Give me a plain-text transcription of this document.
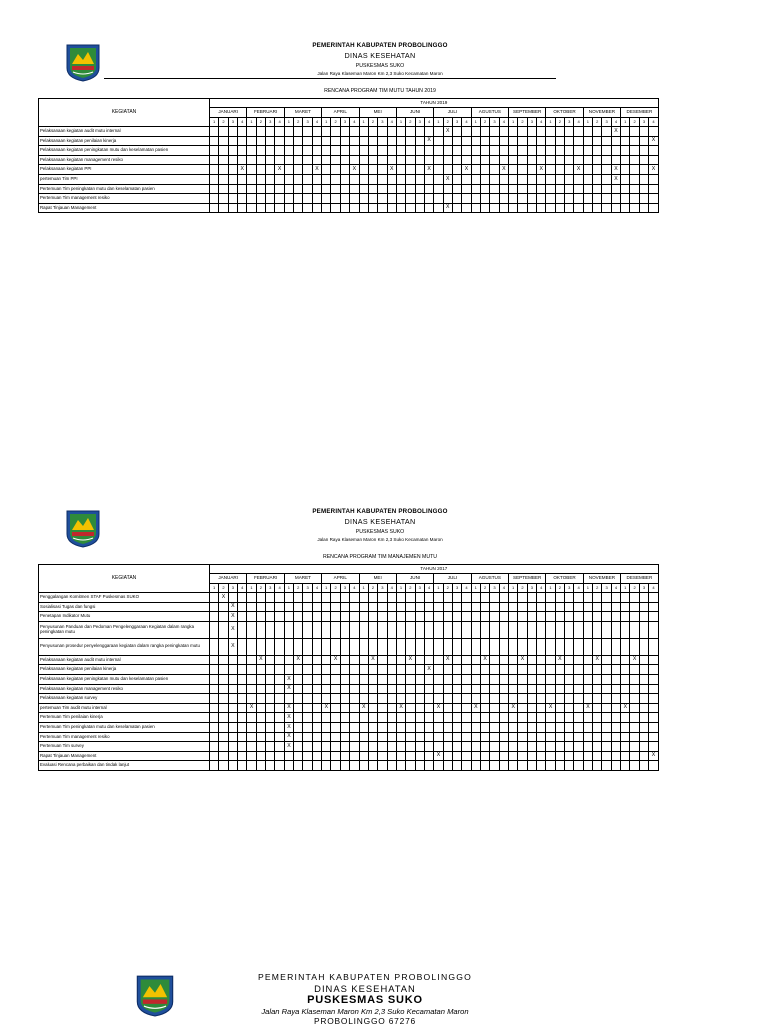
PEMERINTAH KABUPATEN PROBOLINGGO
DINAS KESEHATAN
PUSKESMAS SUKO
Jalan Raya Klaseman Maron Km 2,3 Suko Kecamatan Maron
RENCANA PROGRAM TIM MUTU TAHUN 2019
KEGIATAN	TAHUN 2019																																															
	JANUARI				FEBRUARI				MARET				APRIL				MEI				JUNI				JULI				AGUSTUS				SEPTEMBER				OKTOBER				NOVEMBER				DESEMBER			
	1	2	3	4	1	2	3	4	1	2	3	4	1	2	3	4	1	2	3	4	1	2	3	4	1	2	3	4	1	2	3	4	1	2	3	4	1	2	3	4	1	2	3	4	1	2	3	4
Pelaksanaan kegiatan audit mutu internal																										X																		X				
Pelaksanaan kegiatan penilaian kinerja																								X																								X
Pelaksanaan kegiatan peningkatan mutu dan keselamatan pasien																																																
Pelaksanaan kegiatan management resiko																																																
Pelaksanaan kegiatan PPI				X				X				X				X				X				X				X				X				X				X				X				X
pertemuan Tim PPI																										X																		X				
Pertemuan Tim peningkatan mutu dan keselamatan pasien																																																
Pertemuan Tim management resiko																																																
Rapat Tinjauan Management																										X																						
PEMERINTAH KABUPATEN PROBOLINGGO
DINAS KESEHATAN
PUSKESMAS SUKO
Jalan Raya Klaseman Maron Km 2,3 Suko Kecamatan Maron
RENCANA PROGRAM TIM MANAJEMEN MUTU
KEGIATAN	TAHUN 2017																																															
	JANUARI				FEBRUARI				MARET				APRIL				MEI				JUNI				JULI				AGUSTUS				SEPTEMBER				OKTOBER				NOVEMBER				DESEMBER			
	1	2	3	4	1	2	3	4	1	2	3	4	1	2	3	4	1	2	3	4	1	2	3	4	1	2	3	4	1	2	3	4	1	2	3	4	1	2	3	4	1	2	3	4	1	2	3	4
Penggalangan Komitmen STAF Puskesmas SUKO		X																																														
Sosialisasi Tugas dan fungsi			X																																													
Penetapan Indikator Mutu			X																																													
Penyusunan Panduan dan Pedoman Pengelenggaraan Kegiatan dalam rangka peningkatan mutu			X																																													
Penyusunan prosedur penyelenggaraan kegiatan dalam rangka peningkatan mutu			X																																													
Pelaksanaan kegiatan audit mutu internal						X				X				X				X				X				X				X				X				X				X				X		
Pelaksanaan kegiatan penilaian kinerja																								X																								
Pelaksanaan kegiatan peningkatan mutu dan keselamatan pasien									X																																							
Pelaksanaan kegiatan management resiko									X																																							
Pelaksanaan kegiatan survey																																																
pertemuan Tim audit mutu internal					X				X				X				X				X				X				X				X				X				X				X			
Pertemuan Tim penilaian kinerja									X																																							
Pertemuan Tim peningkatan mutu dan keselamatan pasien									X																																							
Pertemuan Tim management resiko									X																																							
Pertemuan Tim survey									X																																							
Rapat Tinjauan Management																									X																							X
Evaluasi Rencana perbaikan dan tindak lanjut																																																
PEMERINTAH KABUPATEN PROBOLINGGO
DINAS KESEHATAN
PUSKESMAS SUKO
Jalan Raya Klaseman Maron Km 2,3 Suko Kecamatan Maron
PROBOLINGGO 67276
